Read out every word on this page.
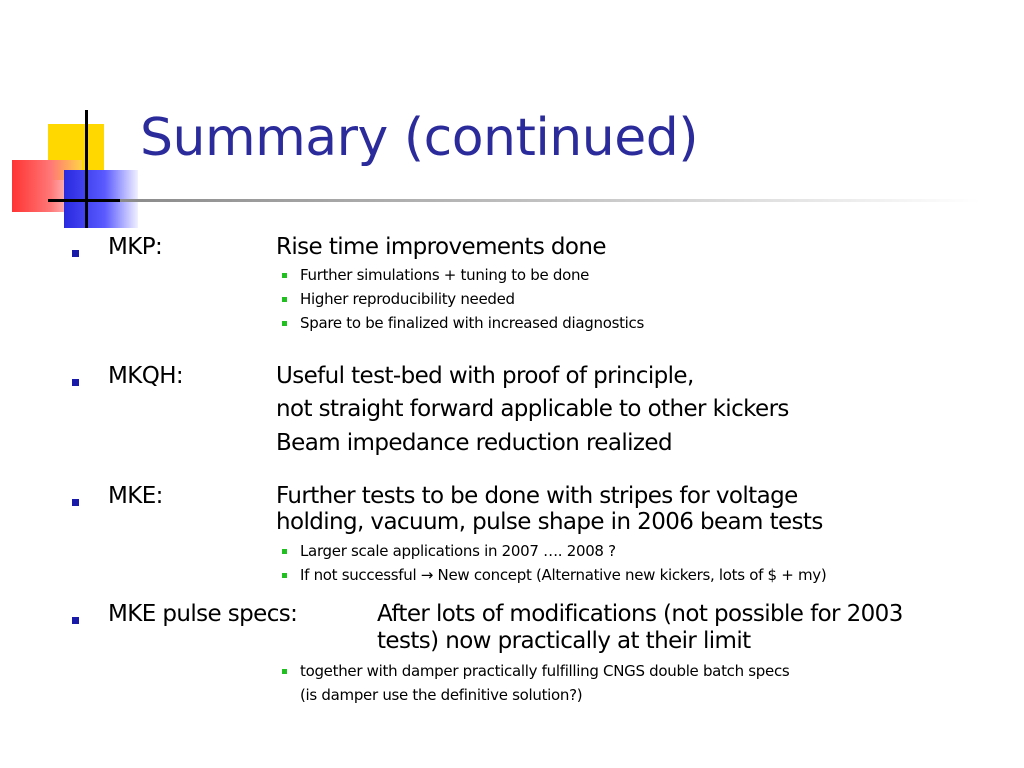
Summary (continued)
MKP:	Rise time improvements done
Further simulations + tuning to be done
Higher reproducibility needed
Spare to be finalized with increased diagnostics
MKQH:	Useful test-bed with proof of principle,
not straight forward applicable to other kickers
Beam impedance reduction realized
MKE:	Further tests to be done with stripes for voltage
holding, vacuum, pulse shape in 2006 beam tests
Larger scale applications in 2007 …. 2008 ?
If not successful → New concept (Alternative new kickers, lots of $ + my)
MKE pulse specs:	After lots of modifications (not possible for 2003
tests) now practically at their limit
together with damper practically fulfilling CNGS double batch specs
(is damper use the definitive solution?)
